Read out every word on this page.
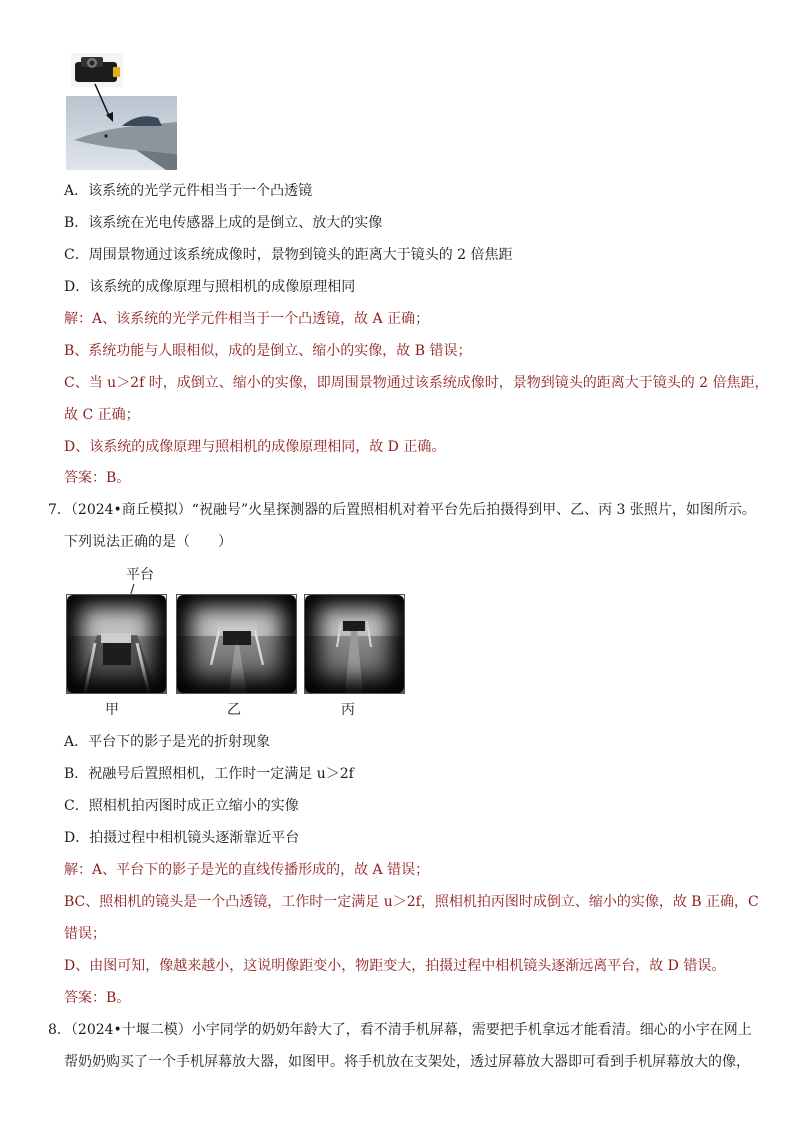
A．该系统的光学元件相当于一个凸透镜
B．该系统在光电传感器上成的是倒立、放大的实像
C．周围景物通过该系统成像时，景物到镜头的距离大于镜头的 2 倍焦距
D．该系统的成像原理与照相机的成像原理相同
解：A、该系统的光学元件相当于一个凸透镜，故 A 正确；
B、系统功能与人眼相似，成的是倒立、缩小的实像，故 B 错误；
C、当 u＞2f 时，成倒立、缩小的实像，即周围景物通过该系统成像时，景物到镜头的距离大于镜头的 2 倍焦距，
故 C 正确；
D、该系统的成像原理与照相机的成像原理相同，故 D 正确。
答案：B。
7．（2024•商丘模拟）“祝融号”火星探测器的后置照相机对着平台先后拍摄得到甲、乙、丙 3 张照片，如图所示。
下列说法正确的是（　　）
平台
甲	乙	丙
A．平台下的影子是光的折射现象
B．祝融号后置照相机，工作时一定满足 u＞2f
C．照相机拍丙图时成正立缩小的实像
D．拍摄过程中相机镜头逐渐靠近平台
解：A、平台下的影子是光的直线传播形成的，故 A 错误；
BC、照相机的镜头是一个凸透镜，工作时一定满足 u＞2f，照相机拍丙图时成倒立、缩小的实像，故 B 正确，C
错误；
D、由图可知，像越来越小，这说明像距变小，物距变大，拍摄过程中相机镜头逐渐远离平台，故 D 错误。
答案：B。
8．（2024•十堰二模）小宇同学的奶奶年龄大了，看不清手机屏幕，需要把手机拿远才能看清。细心的小宇在网上
帮奶奶购买了一个手机屏幕放大器，如图甲。将手机放在支架处，透过屏幕放大器即可看到手机屏幕放大的像，
